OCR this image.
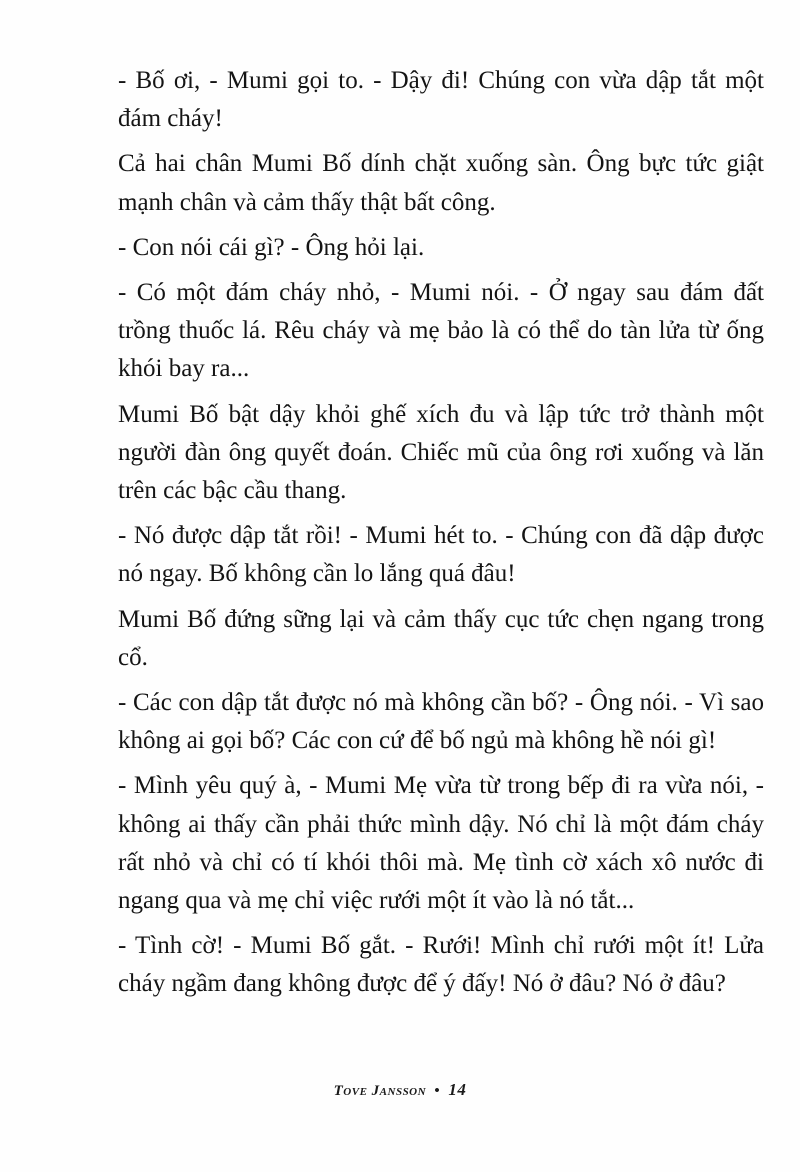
- Bố ơi, - Mumi gọi to. - Dậy đi! Chúng con vừa dập tắt một đám cháy!

Cả hai chân Mumi Bố dính chặt xuống sàn. Ông bực tức giật mạnh chân và cảm thấy thật bất công.

- Con nói cái gì? - Ông hỏi lại.

- Có một đám cháy nhỏ, - Mumi nói. - Ở ngay sau đám đất trồng thuốc lá. Rêu cháy và mẹ bảo là có thể do tàn lửa từ ống khói bay ra...

Mumi Bố bật dậy khỏi ghế xích đu và lập tức trở thành một người đàn ông quyết đoán. Chiếc mũ của ông rơi xuống và lăn trên các bậc cầu thang.

- Nó được dập tắt rồi! - Mumi hét to. - Chúng con đã dập được nó ngay. Bố không cần lo lắng quá đâu!

Mumi Bố đứng sững lại và cảm thấy cục tức chẹn ngang trong cổ.

- Các con dập tắt được nó mà không cần bố? - Ông nói. - Vì sao không ai gọi bố? Các con cứ để bố ngủ mà không hề nói gì!

- Mình yêu quý à, - Mumi Mẹ vừa từ trong bếp đi ra vừa nói, - không ai thấy cần phải thức mình dậy. Nó chỉ là một đám cháy rất nhỏ và chỉ có tí khói thôi mà. Mẹ tình cờ xách xô nước đi ngang qua và mẹ chỉ việc rưới một ít vào là nó tắt...

- Tình cờ! - Mumi Bố gắt. - Rưới! Mình chỉ rưới một ít! Lửa cháy ngầm đang không được để ý đấy! Nó ở đâu? Nó ở đâu?

Tove Jansson • 14
